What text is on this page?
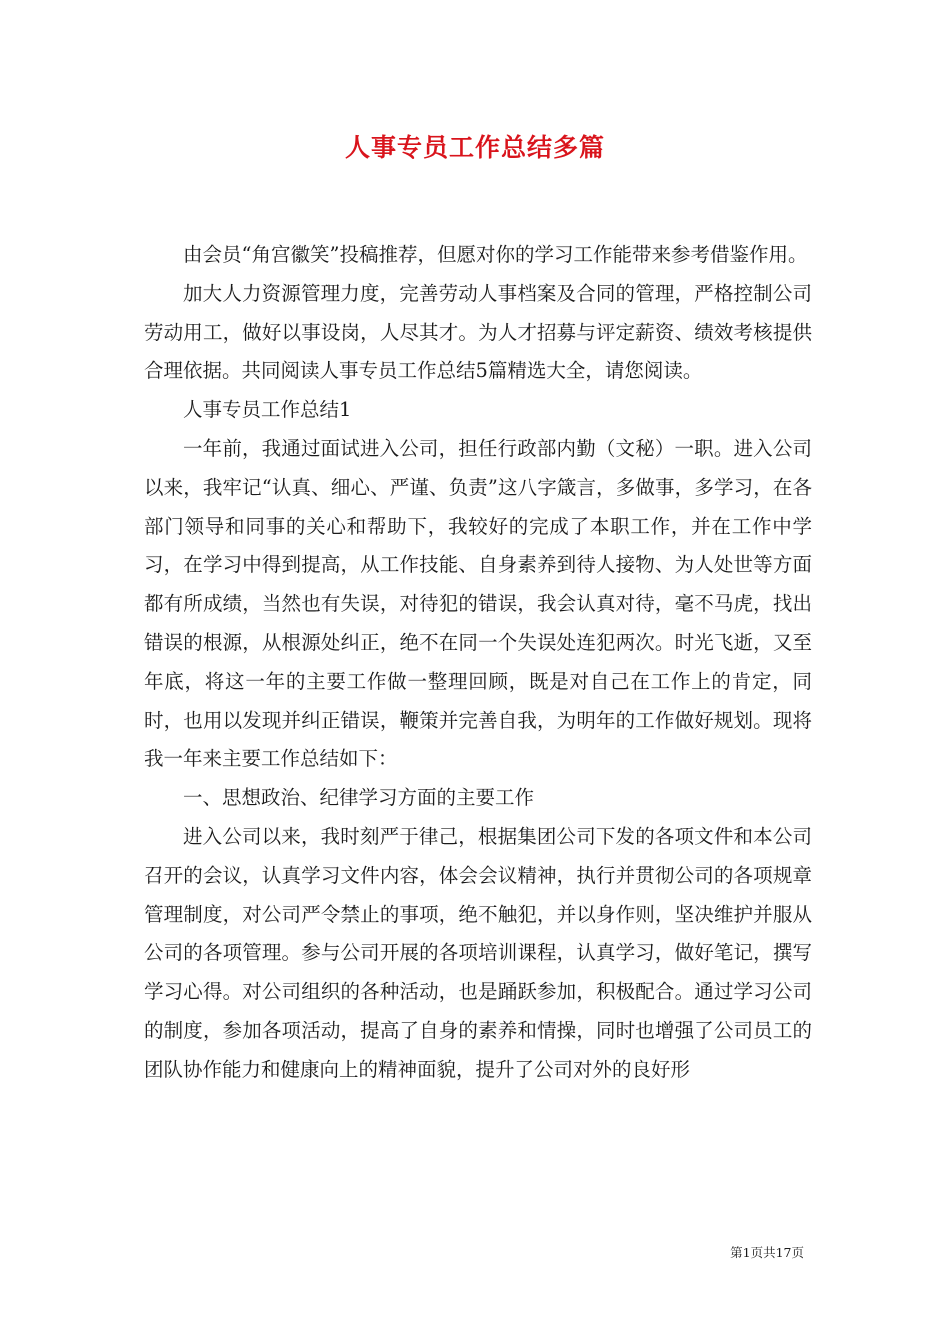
人事专员工作总结多篇

由会员“角宫徽笑”投稿推荐，但愿对你的学习工作能带来参考借鉴作用。

加大人力资源管理力度，完善劳动人事档案及合同的管理，严格控制公司劳动用工，做好以事设岗，人尽其才。为人才招募与评定薪资、绩效考核提供合理依据。共同阅读人事专员工作总结5篇精选大全，请您阅读。

人事专员工作总结1

一年前，我通过面试进入公司，担任行政部内勤（文秘）一职。进入公司以来，我牢记“认真、细心、严谨、负责”这八字箴言，多做事，多学习，在各部门领导和同事的关心和帮助下，我较好的完成了本职工作，并在工作中学习，在学习中得到提高，从工作技能、自身素养到待人接物、为人处世等方面都有所成绩，当然也有失误，对待犯的错误，我会认真对待，毫不马虎，找出错误的根源，从根源处纠正，绝不在同一个失误处连犯两次。时光飞逝，又至年底，将这一年的主要工作做一整理回顾，既是对自己在工作上的肯定，同时，也用以发现并纠正错误，鞭策并完善自我，为明年的工作做好规划。现将我一年来主要工作总结如下：

一、思想政治、纪律学习方面的主要工作

进入公司以来，我时刻严于律己，根据集团公司下发的各项文件和本公司召开的会议，认真学习文件内容，体会会议精神，执行并贯彻公司的各项规章管理制度，对公司严令禁止的事项，绝不触犯，并以身作则，坚决维护并服从公司的各项管理。参与公司开展的各项培训课程，认真学习，做好笔记，撰写学习心得。对公司组织的各种活动，也是踊跃参加，积极配合。通过学习公司的制度，参加各项活动，提高了自身的素养和情操，同时也增强了公司员工的团队协作能力和健康向上的精神面貌，提升了公司对外的良好形

第1页共17页
